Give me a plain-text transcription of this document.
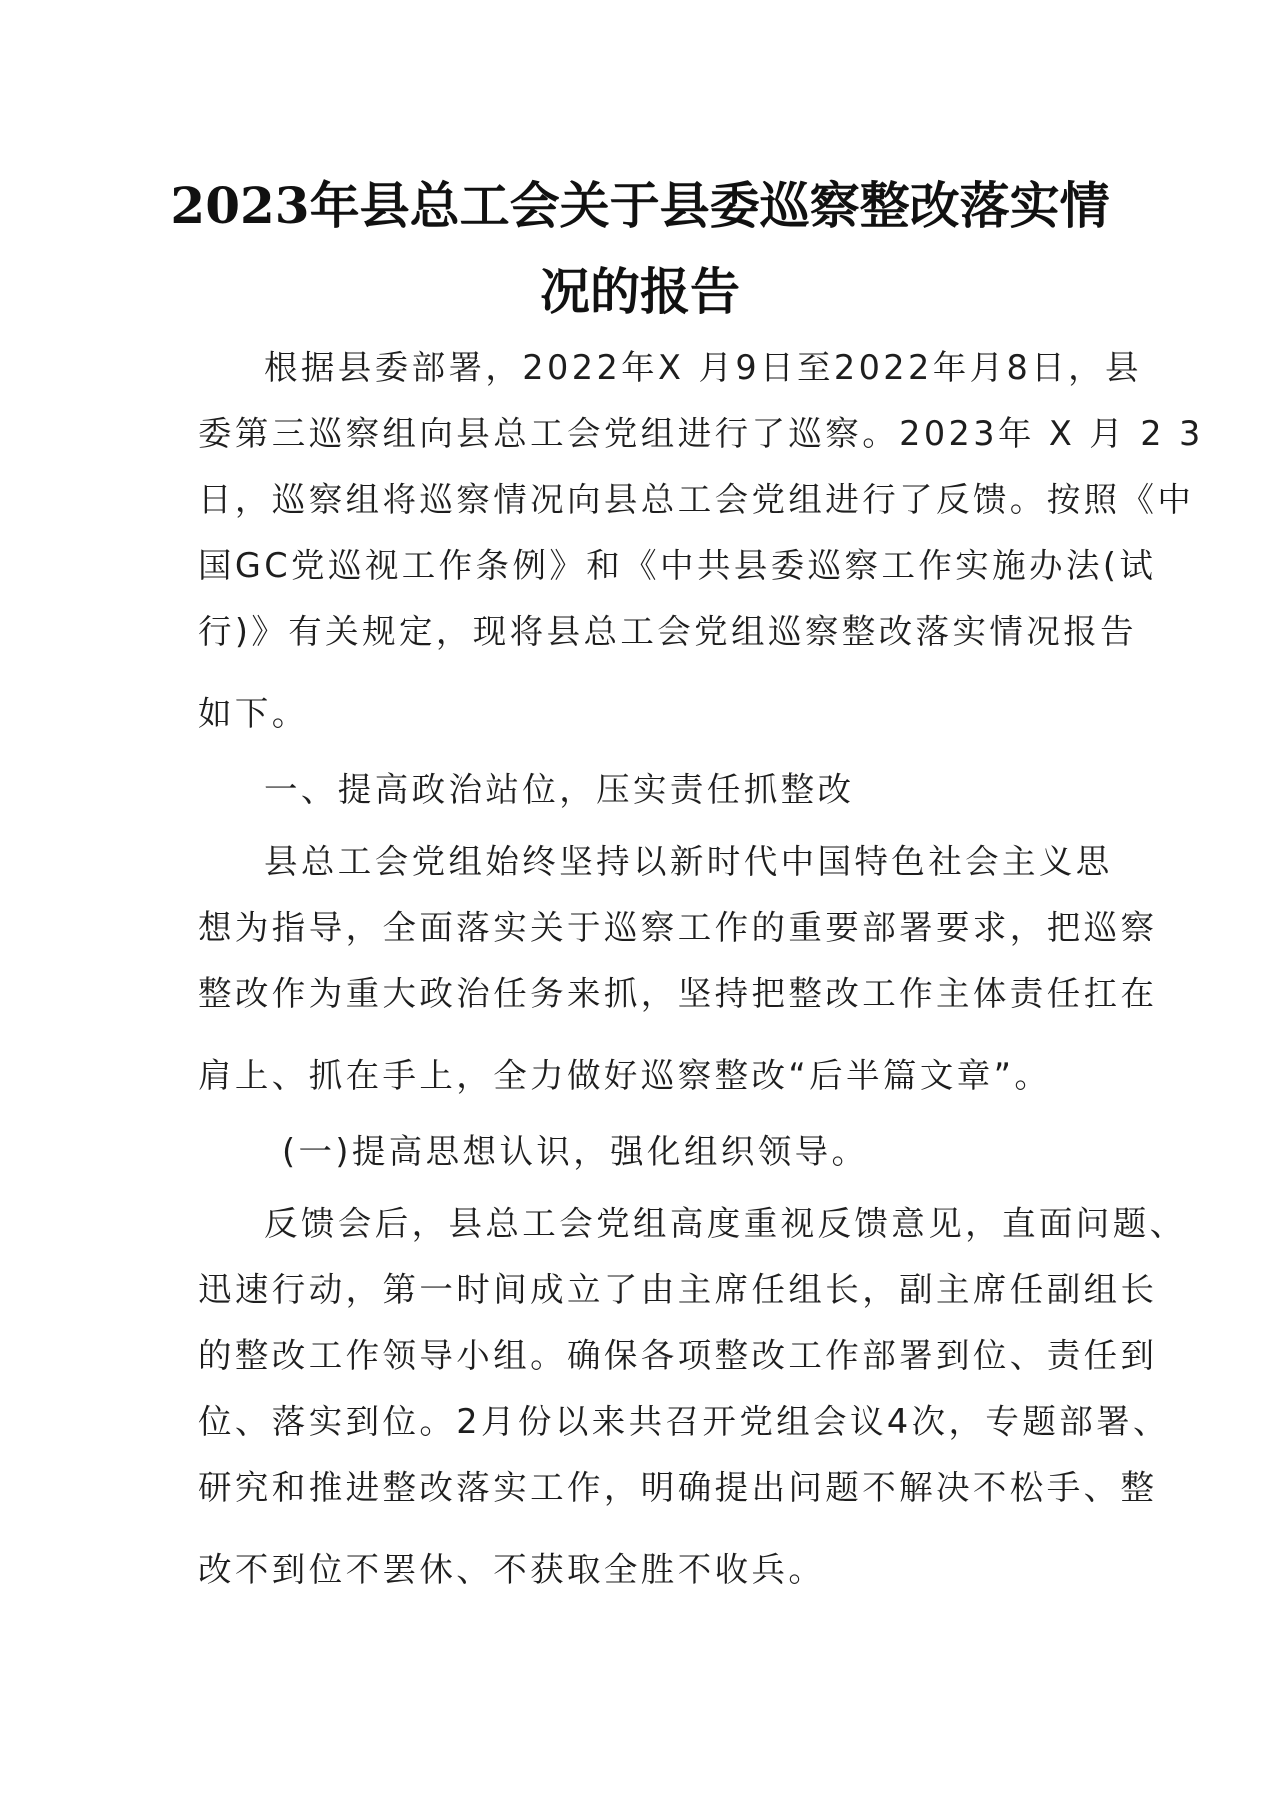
2023年县总工会关于县委巡察整改落实情
况的报告
根据县委部署，2022年X 月9日至2022年月8日，县
委第三巡察组向县总工会党组进行了巡察。2023年 X 月 2 3
日，巡察组将巡察情况向县总工会党组进行了反馈。按照《中
国GC党巡视工作条例》和《中共县委巡察工作实施办法(试
行)》有关规定，现将县总工会党组巡察整改落实情况报告
如下。
一、提高政治站位，压实责任抓整改
县总工会党组始终坚持以新时代中国特色社会主义思
想为指导，全面落实关于巡察工作的重要部署要求，把巡察
整改作为重大政治任务来抓，坚持把整改工作主体责任扛在
肩上、抓在手上，全力做好巡察整改“后半篇文章”。
(一)提高思想认识，强化组织领导。
反馈会后，县总工会党组高度重视反馈意见，直面问题、
迅速行动，第一时间成立了由主席任组长，副主席任副组长
的整改工作领导小组。确保各项整改工作部署到位、责任到
位、落实到位。2月份以来共召开党组会议4次，专题部署、
研究和推进整改落实工作，明确提出问题不解决不松手、整
改不到位不罢休、不获取全胜不收兵。
